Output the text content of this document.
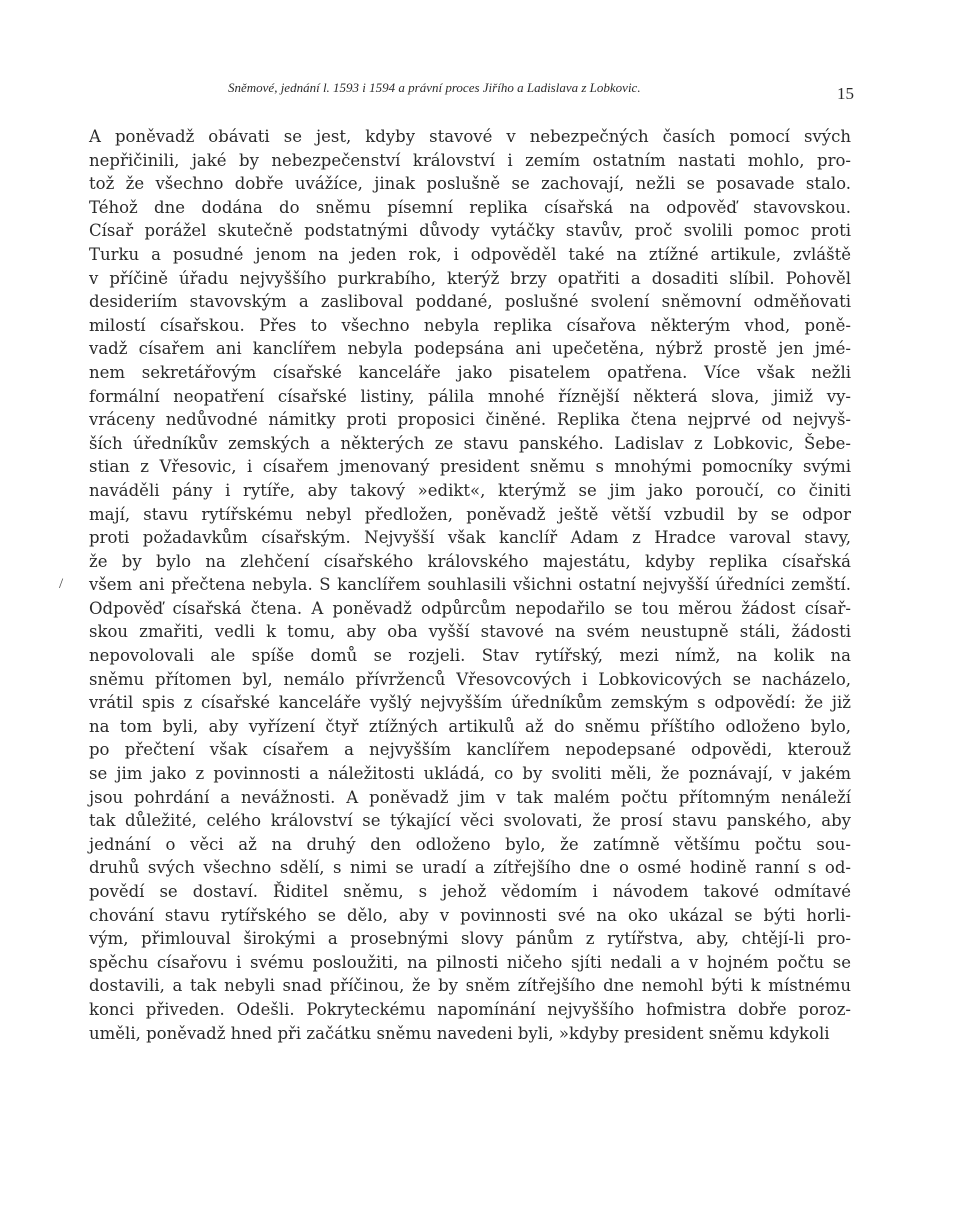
Sněmové, jednání l. 1593 i 1594 a právní proces Jiřího a Ladislava z Lobkovic.	15
/
A poněvadž obávati se jest, kdyby stavové v nebezpečných časích pomocí svých
nepřičinili, jaké by nebezpečenství království i zemím ostatním nastati mohlo, pro-
tož že všechno dobře uvážíce, jinak poslušně se zachovají, nežli se posavade stalo.
Téhož dne dodána do sněmu písemní replika císařská na odpověď stavovskou.
Císař porážel skutečně podstatnými důvody vytáčky stavův, proč svolili pomoc proti
Turku a posudné jenom na jeden rok, i odpověděl také na ztížné artikule, zvláště
v příčině úřadu nejvyššího purkrabího, kterýž brzy opatřiti a dosaditi slíbil. Pohověl
desideriím stavovským a zasliboval poddané, poslušné svolení sněmovní odměňovati
milostí císařskou. Přes to všechno nebyla replika císařova některým vhod, poně-
vadž císařem ani kanclířem nebyla podepsána ani upečetěna, nýbrž prostě jen jmé-
nem sekretářovým císařské kanceláře jako pisatelem opatřena. Více však nežli
formální neopatření císařské listiny, pálila mnohé říznější některá slova, jimiž vy-
vráceny nedůvodné námitky proti proposici činěné. Replika čtena nejprvé od nejvyš-
ších úředníkův zemských a některých ze stavu panského. Ladislav z Lobkovic, Šebe-
stian z Vřesovic, i císařem jmenovaný president sněmu s mnohými pomocníky svými
naváděli pány i rytíře, aby takový »edikt«, kterýmž se jim jako poroučí, co činiti
mají, stavu rytířskému nebyl předložen, poněvadž ještě větší vzbudil by se odpor
proti požadavkům císařským. Nejvyšší však kanclíř Adam z Hradce varoval stavy,
že by bylo na zlehčení císařského královského majestátu, kdyby replika císařská
všem ani přečtena nebyla. S kanclířem souhlasili všichni ostatní nejvyšší úředníci zemští.
Odpověď císařská čtena. A poněvadž odpůrcům nepodařilo se tou měrou žádost císař-
skou zmařiti, vedli k tomu, aby oba vyšší stavové na svém neustupně stáli, žádosti
nepovolovali ale spíše domů se rozjeli. Stav rytířský, mezi nímž, na kolik na
sněmu přítomen byl, nemálo přívrženců Vřesovcových i Lobkovicových se nacházelo,
vrátil spis z císařské kanceláře vyšlý nejvyšším úředníkům zemským s odpovědí: že již
na tom byli, aby vyřízení čtyř ztížných artikulů až do sněmu příštího odloženo bylo,
po přečtení však císařem a nejvyšším kanclířem nepodepsané odpovědi, kterouž
se jim jako z povinnosti a náležitosti ukládá, co by svoliti měli, že poznávají, v jakém
jsou pohrdání a nevážnosti. A poněvadž jim v tak malém počtu přítomným nenáleží
tak důležité, celého království se týkající věci svolovati, že prosí stavu panského, aby
jednání o věci až na druhý den odloženo bylo, že zatímně většímu počtu sou-
druhů svých všechno sdělí, s nimi se uradí a zítřejšího dne o osmé hodině ranní s od-
povědí se dostaví. Řiditel sněmu, s jehož vědomím i návodem takové odmítavé
chování stavu rytířského se dělo, aby v povinnosti své na oko ukázal se býti horli-
vým, přimlouval širokými a prosebnými slovy pánům z rytířstva, aby, chtějí-li pro-
spěchu císařovu i svému posloužiti, na pilnosti ničeho sjíti nedali a v hojném počtu se
dostavili, a tak nebyli snad příčinou, že by sněm zítřejšího dne nemohl býti k místnému
konci přiveden. Odešli. Pokryteckému napomínání nejvyššího hofmistra dobře poroz-
uměli, poněvadž hned při začátku sněmu navedeni byli, »kdyby president sněmu kdykoli
